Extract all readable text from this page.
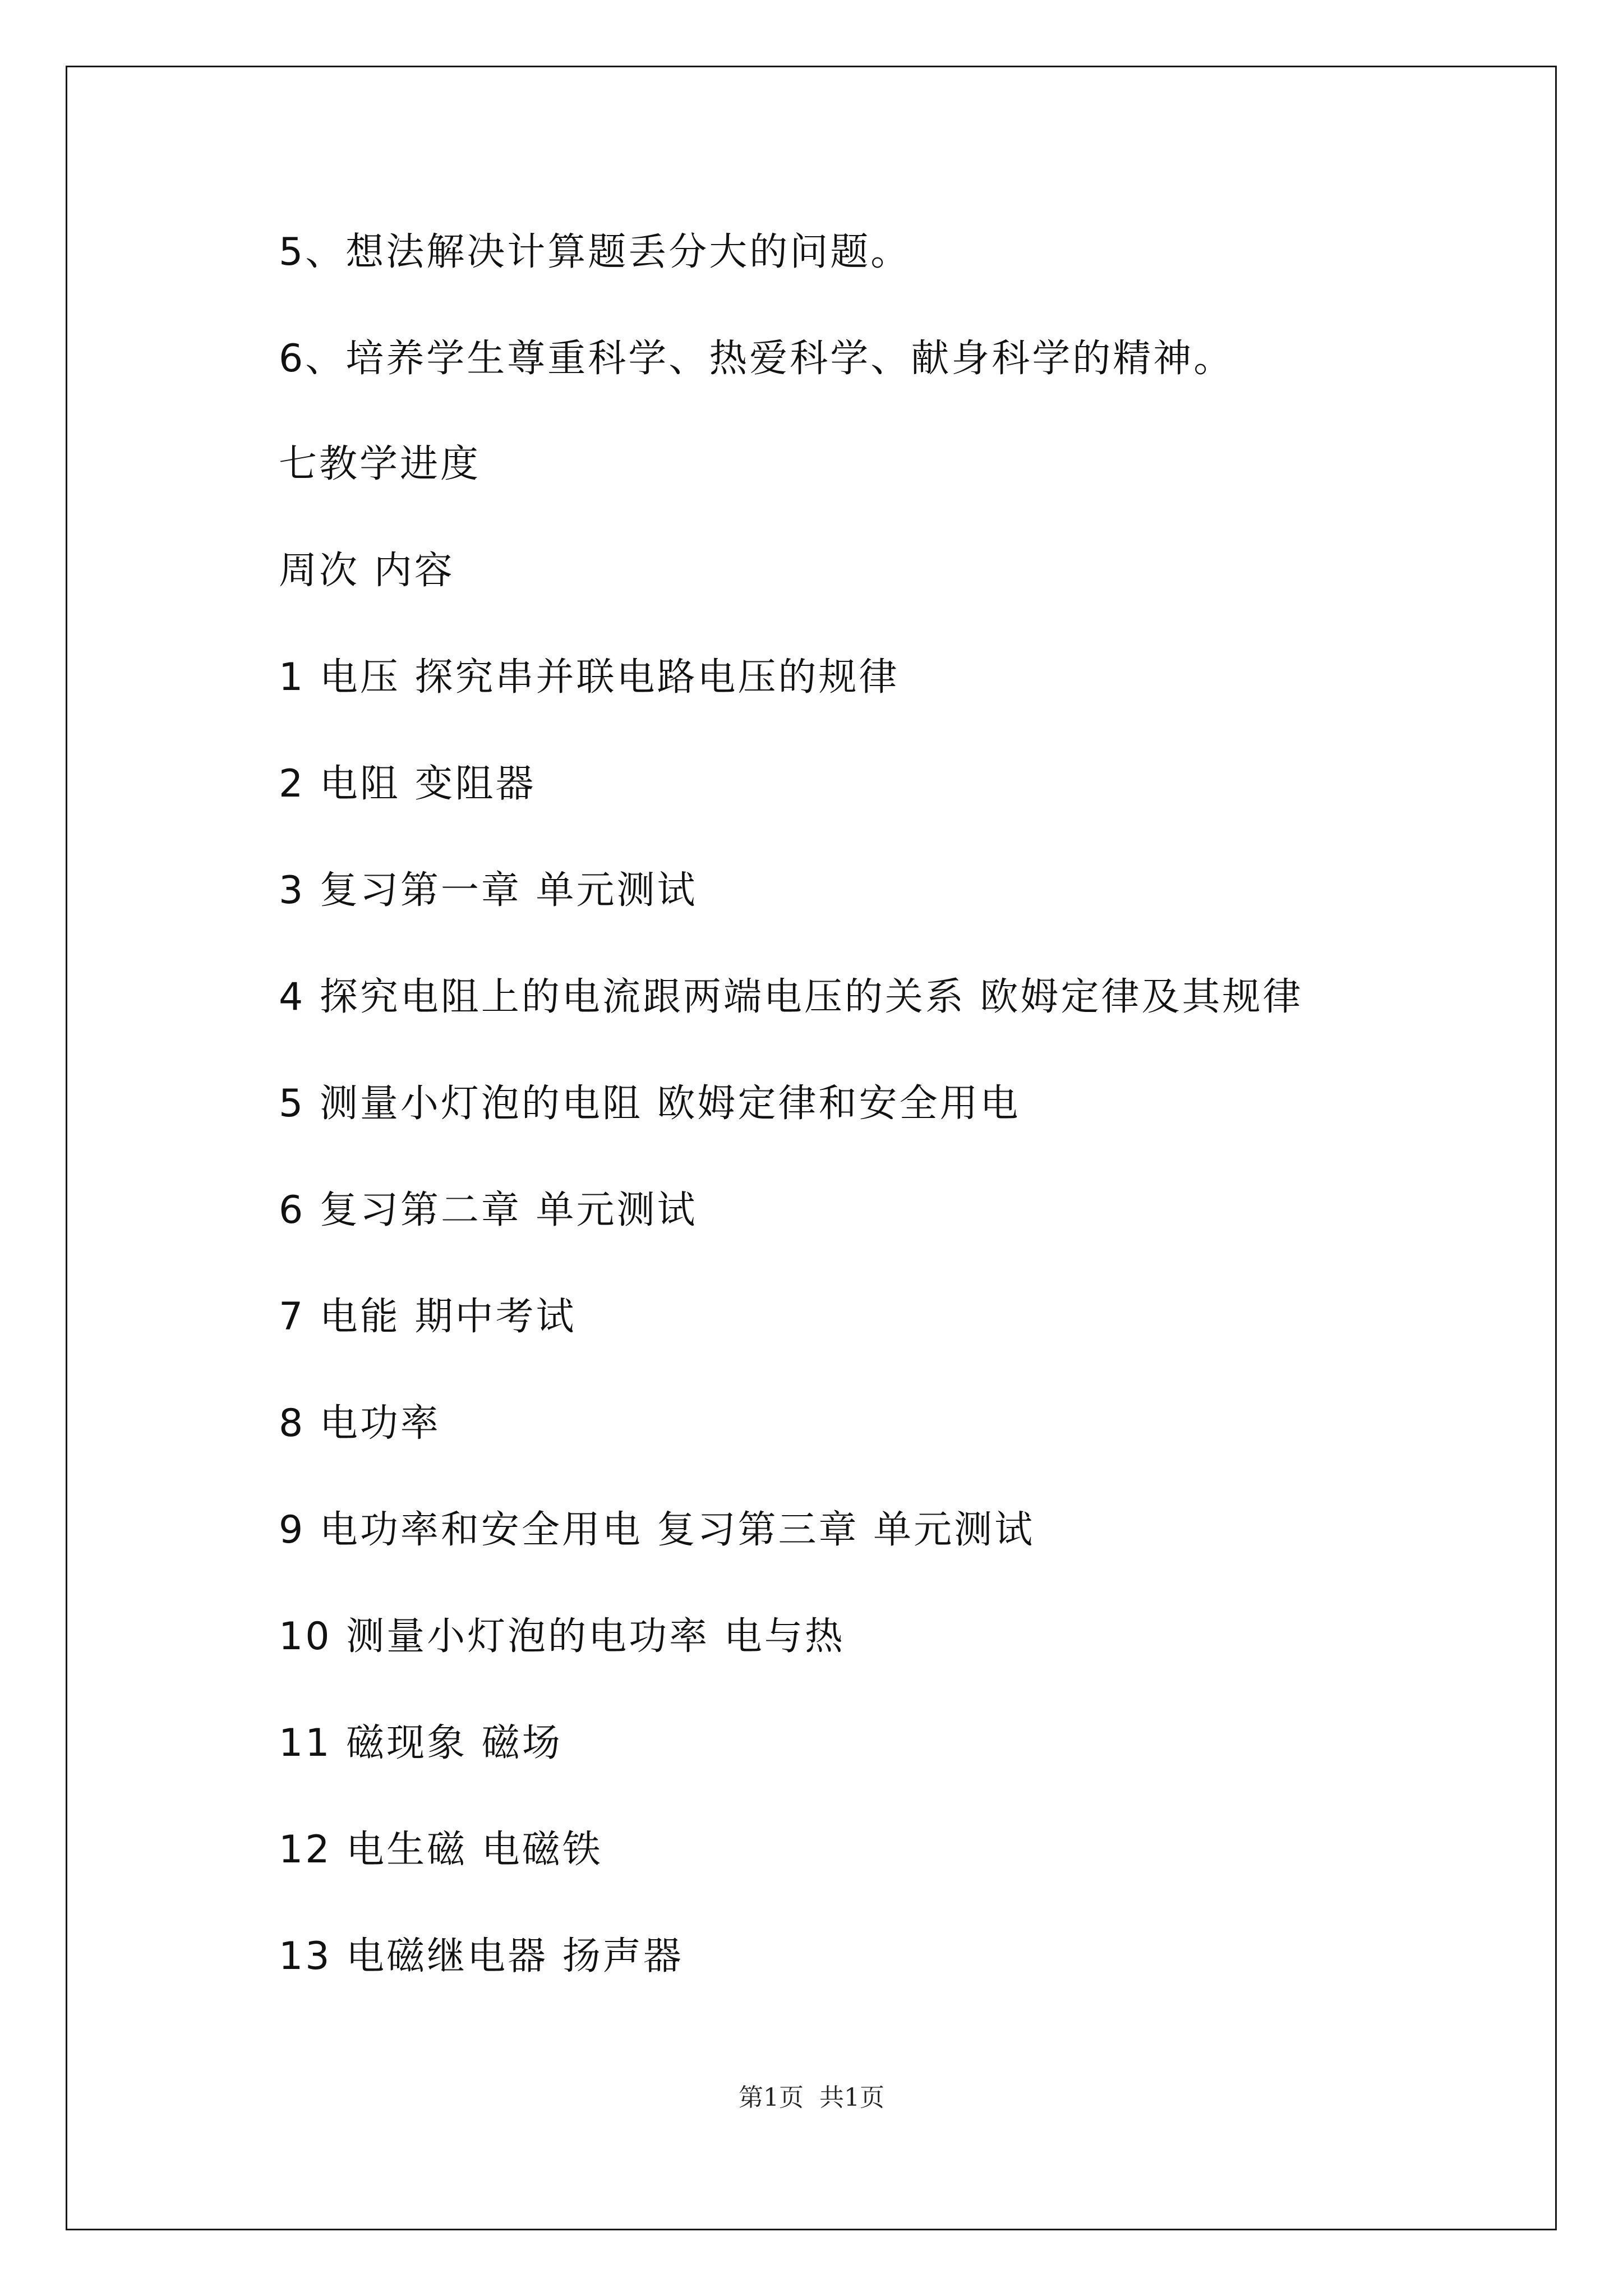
5、想法解决计算题丢分大的问题。
6、培养学生尊重科学、热爱科学、献身科学的精神。
七教学进度
周次 内容
1 电压 探究串并联电路电压的规律
2 电阻 变阻器
3 复习第一章 单元测试
4 探究电阻上的电流跟两端电压的关系 欧姆定律及其规律
5 测量小灯泡的电阻 欧姆定律和安全用电
6 复习第二章 单元测试
7 电能 期中考试
8 电功率
9 电功率和安全用电 复习第三章 单元测试
10 测量小灯泡的电功率 电与热
11 磁现象 磁场
12 电生磁 电磁铁
13 电磁继电器 扬声器
第1页  共1页
